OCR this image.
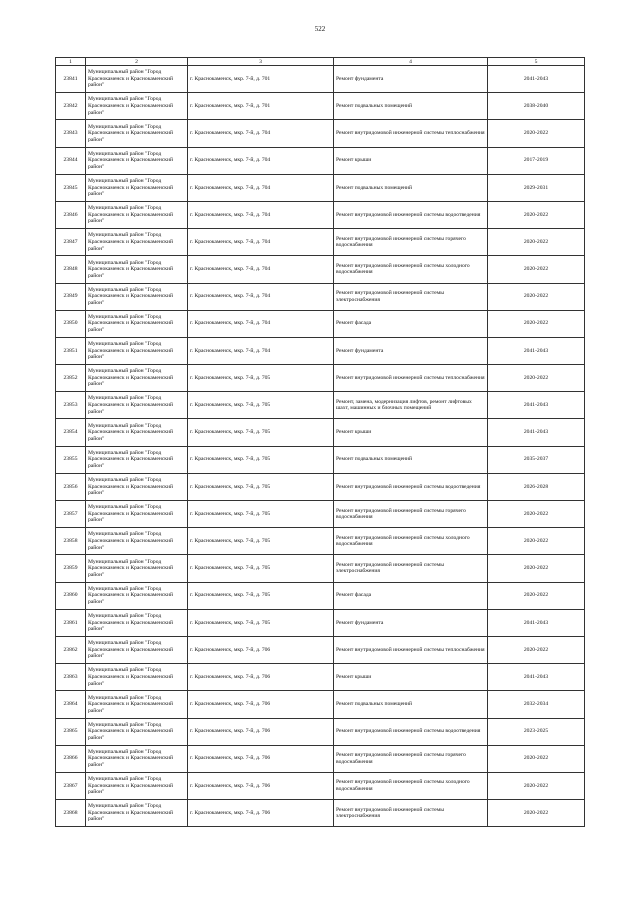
522
1	2	3	4	5
23841	Муниципальный район "Город Краснокаменск и Краснокаменский район"	г. Краснокаменск, мкр. 7-й, д. 701	Ремонт фундамента	2041-2043
23842	Муниципальный район "Город Краснокаменск и Краснокаменский район"	г. Краснокаменск, мкр. 7-й, д. 701	Ремонт подвальных помещений	2038-2040
23843	Муниципальный район "Город Краснокаменск и Краснокаменский район"	г. Краснокаменск, мкр. 7-й, д. 704	Ремонт внутридомовой инженерной системы теплоснабжения	2020-2022
23844	Муниципальный район "Город Краснокаменск и Краснокаменский район"	г. Краснокаменск, мкр. 7-й, д. 704	Ремонт крыши	2017-2019
23845	Муниципальный район "Город Краснокаменск и Краснокаменский район"	г. Краснокаменск, мкр. 7-й, д. 704	Ремонт подвальных помещений	2029-2031
23846	Муниципальный район "Город Краснокаменск и Краснокаменский район"	г. Краснокаменск, мкр. 7-й, д. 704	Ремонт внутридомовой инженерной системы водоотведения	2020-2022
23847	Муниципальный район "Город Краснокаменск и Краснокаменский район"	г. Краснокаменск, мкр. 7-й, д. 704	Ремонт внутридомовой инженерной системы горячего водоснабжения	2020-2022
23848	Муниципальный район "Город Краснокаменск и Краснокаменский район"	г. Краснокаменск, мкр. 7-й, д. 704	Ремонт внутридомовой инженерной системы холодного водоснабжения	2020-2022
23849	Муниципальный район "Город Краснокаменск и Краснокаменский район"	г. Краснокаменск, мкр. 7-й, д. 704	Ремонт внутридомовой инженерной системы электроснабжения	2020-2022
23850	Муниципальный район "Город Краснокаменск и Краснокаменский район"	г. Краснокаменск, мкр. 7-й, д. 704	Ремонт фасада	2020-2022
23851	Муниципальный район "Город Краснокаменск и Краснокаменский район"	г. Краснокаменск, мкр. 7-й, д. 704	Ремонт фундамента	2041-2043
23852	Муниципальный район "Город Краснокаменск и Краснокаменский район"	г. Краснокаменск, мкр. 7-й, д. 705	Ремонт внутридомовой инженерной системы теплоснабжения	2020-2022
23853	Муниципальный район "Город Краснокаменск и Краснокаменский район"	г. Краснокаменск, мкр. 7-й, д. 705	Ремонт, замена, модернизация лифтов, ремонт лифтовых шахт, машинных и блочных помещений	2041-2043
23854	Муниципальный район "Город Краснокаменск и Краснокаменский район"	г. Краснокаменск, мкр. 7-й, д. 705	Ремонт крыши	2041-2043
23855	Муниципальный район "Город Краснокаменск и Краснокаменский район"	г. Краснокаменск, мкр. 7-й, д. 705	Ремонт подвальных помещений	2035-2037
23856	Муниципальный район "Город Краснокаменск и Краснокаменский район"	г. Краснокаменск, мкр. 7-й, д. 705	Ремонт внутридомовой инженерной системы водоотведения	2026-2028
23857	Муниципальный район "Город Краснокаменск и Краснокаменский район"	г. Краснокаменск, мкр. 7-й, д. 705	Ремонт внутридомовой инженерной системы горячего водоснабжения	2020-2022
23858	Муниципальный район "Город Краснокаменск и Краснокаменский район"	г. Краснокаменск, мкр. 7-й, д. 705	Ремонт внутридомовой инженерной системы холодного водоснабжения	2020-2022
23859	Муниципальный район "Город Краснокаменск и Краснокаменский район"	г. Краснокаменск, мкр. 7-й, д. 705	Ремонт внутридомовой инженерной системы электроснабжения	2020-2022
23860	Муниципальный район "Город Краснокаменск и Краснокаменский район"	г. Краснокаменск, мкр. 7-й, д. 705	Ремонт фасада	2020-2022
23861	Муниципальный район "Город Краснокаменск и Краснокаменский район"	г. Краснокаменск, мкр. 7-й, д. 705	Ремонт фундамента	2041-2043
23862	Муниципальный район "Город Краснокаменск и Краснокаменский район"	г. Краснокаменск, мкр. 7-й, д. 706	Ремонт внутридомовой инженерной системы теплоснабжения	2020-2022
23863	Муниципальный район "Город Краснокаменск и Краснокаменский район"	г. Краснокаменск, мкр. 7-й, д. 706	Ремонт крыши	2041-2043
23864	Муниципальный район "Город Краснокаменск и Краснокаменский район"	г. Краснокаменск, мкр. 7-й, д. 706	Ремонт подвальных помещений	2032-2034
23865	Муниципальный район "Город Краснокаменск и Краснокаменский район"	г. Краснокаменск, мкр. 7-й, д. 706	Ремонт внутридомовой инженерной системы водоотведения	2023-2025
23866	Муниципальный район "Город Краснокаменск и Краснокаменский район"	г. Краснокаменск, мкр. 7-й, д. 706	Ремонт внутридомовой инженерной системы горячего водоснабжения	2020-2022
23867	Муниципальный район "Город Краснокаменск и Краснокаменский район"	г. Краснокаменск, мкр. 7-й, д. 706	Ремонт внутридомовой инженерной системы холодного водоснабжения	2020-2022
23868	Муниципальный район "Город Краснокаменск и Краснокаменский район"	г. Краснокаменск, мкр. 7-й, д. 706	Ремонт внутридомовой инженерной системы электроснабжения	2020-2022
